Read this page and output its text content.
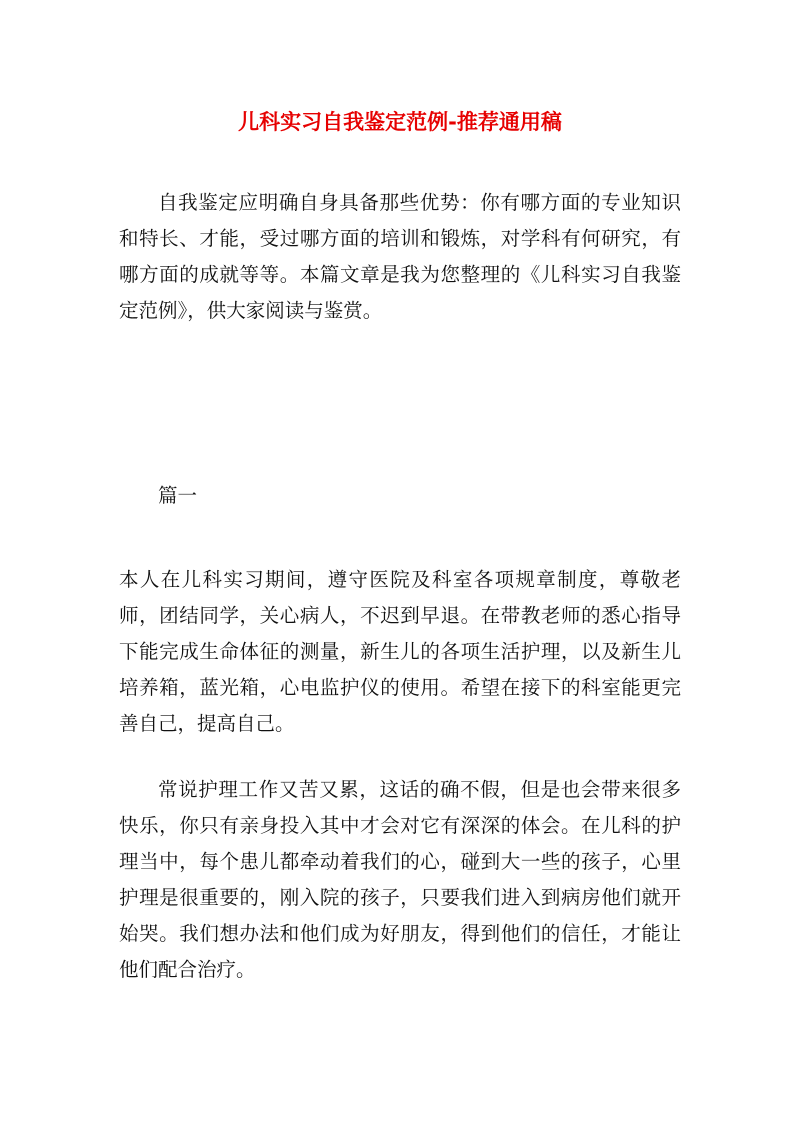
儿科实习自我鉴定范例-推荐通用稿

自我鉴定应明确自身具备那些优势：你有哪方面的专业知识和特长、才能，受过哪方面的培训和锻炼，对学科有何研究，有哪方面的成就等等。本篇文章是我为您整理的《儿科实习自我鉴定范例》，供大家阅读与鉴赏。

篇一

本人在儿科实习期间，遵守医院及科室各项规章制度，尊敬老师，团结同学，关心病人，不迟到早退。在带教老师的悉心指导下能完成生命体征的测量，新生儿的各项生活护理，以及新生儿培养箱，蓝光箱，心电监护仪的使用。希望在接下的科室能更完善自己，提高自己。

常说护理工作又苦又累，这话的确不假，但是也会带来很多快乐，你只有亲身投入其中才会对它有深深的体会。在儿科的护理当中，每个患儿都牵动着我们的心，碰到大一些的孩子，心里护理是很重要的，刚入院的孩子，只要我们进入到病房他们就开始哭。我们想办法和他们成为好朋友，得到他们的信任，才能让他们配合治疗。
